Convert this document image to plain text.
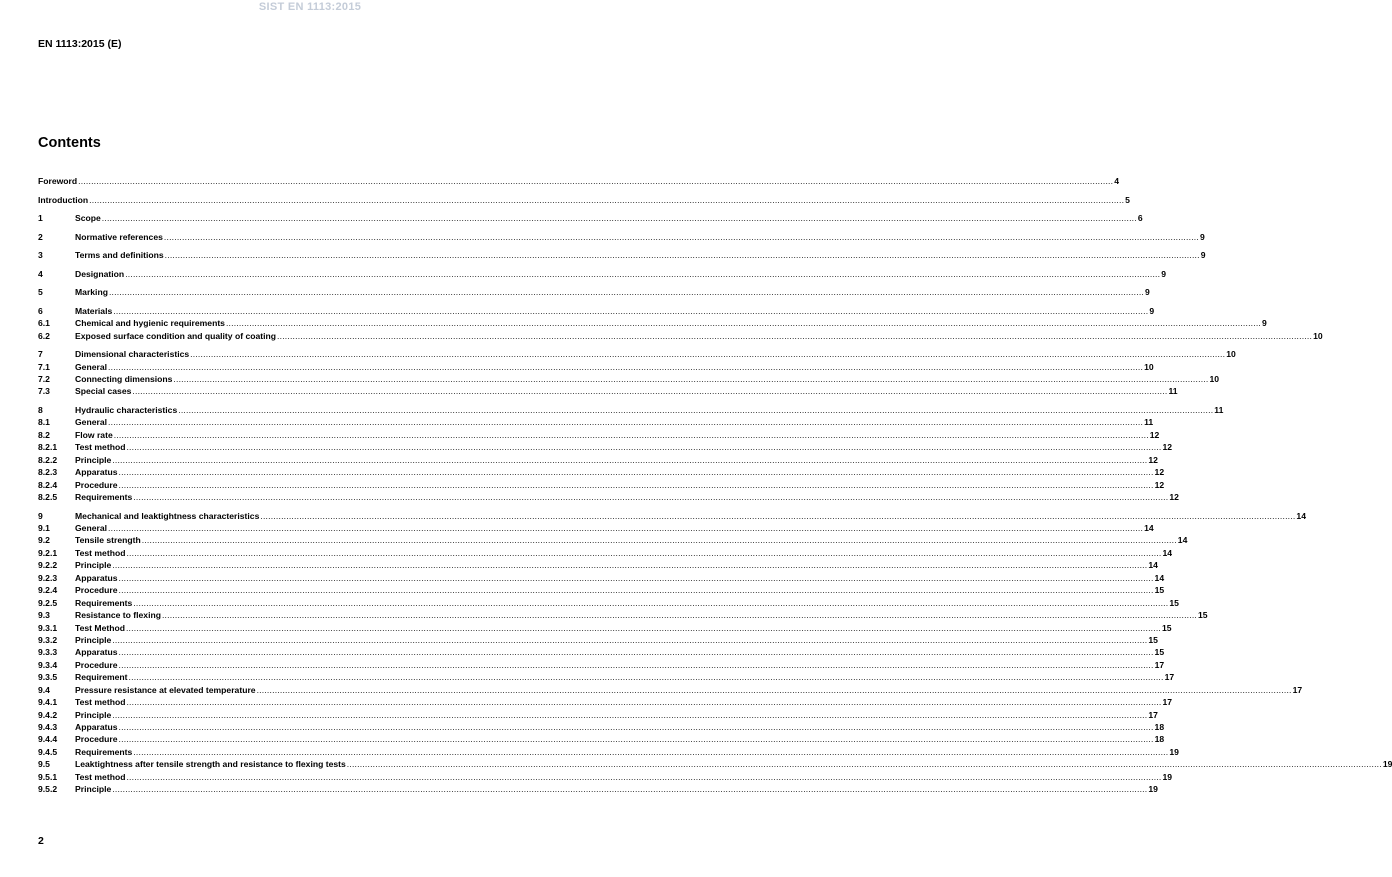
SIST EN 1113:2015
EN 1113:2015 (E)
Contents
Foreword ................................................................................................................................................................................................................................................................................................................................................................................................................ 4
Introduction ................................................................................................................................................................................................................................................................................................................................................................................................................ 5
1	Scope ................................................................................................................................................................................................................................................................................................................................................................................................................ 6
2	Normative references ................................................................................................................................................................................................................................................................................................................................................................................................................ 9
3	Terms and definitions ................................................................................................................................................................................................................................................................................................................................................................................................................ 9
4	Designation ................................................................................................................................................................................................................................................................................................................................................................................................................ 9
5	Marking ................................................................................................................................................................................................................................................................................................................................................................................................................ 9
6	Materials ................................................................................................................................................................................................................................................................................................................................................................................................................ 9
6.1	Chemical and hygienic requirements ................................................................................................................................................................................................................................................................................................................................................................................................................ 9
6.2	Exposed surface condition and quality of coating ................................................................................................................................................................................................................................................................................................................................................................................................................ 10
7	Dimensional characteristics ................................................................................................................................................................................................................................................................................................................................................................................................................ 10
7.1	General ................................................................................................................................................................................................................................................................................................................................................................................................................ 10
7.2	Connecting dimensions ................................................................................................................................................................................................................................................................................................................................................................................................................ 10
7.3	Special cases ................................................................................................................................................................................................................................................................................................................................................................................................................ 11
8	Hydraulic characteristics ................................................................................................................................................................................................................................................................................................................................................................................................................ 11
8.1	General ................................................................................................................................................................................................................................................................................................................................................................................................................ 11
8.2	Flow rate ................................................................................................................................................................................................................................................................................................................................................................................................................ 12
8.2.1 Test method ................................................................................................................................................................................................................................................................................................................................................................................................................ 12
8.2.2 Principle ................................................................................................................................................................................................................................................................................................................................................................................................................ 12
8.2.3 Apparatus ................................................................................................................................................................................................................................................................................................................................................................................................................ 12
8.2.4 Procedure ................................................................................................................................................................................................................................................................................................................................................................................................................ 12
8.2.5 Requirements ................................................................................................................................................................................................................................................................................................................................................................................................................ 12
9	Mechanical and leaktightness characteristics ................................................................................................................................................................................................................................................................................................................................................................................................................ 14
9.1	General ................................................................................................................................................................................................................................................................................................................................................................................................................ 14
9.2	Tensile strength ................................................................................................................................................................................................................................................................................................................................................................................................................ 14
9.2.1 Test method ................................................................................................................................................................................................................................................................................................................................................................................................................ 14
9.2.2 Principle ................................................................................................................................................................................................................................................................................................................................................................................................................ 14
9.2.3 Apparatus ................................................................................................................................................................................................................................................................................................................................................................................................................ 14
9.2.4 Procedure ................................................................................................................................................................................................................................................................................................................................................................................................................ 15
9.2.5 Requirements ................................................................................................................................................................................................................................................................................................................................................................................................................ 15
9.3	Resistance to flexing ................................................................................................................................................................................................................................................................................................................................................................................................................ 15
9.3.1 Test Method ................................................................................................................................................................................................................................................................................................................................................................................................................ 15
9.3.2 Principle ................................................................................................................................................................................................................................................................................................................................................................................................................ 15
9.3.3 Apparatus ................................................................................................................................................................................................................................................................................................................................................................................................................ 15
9.3.4 Procedure ................................................................................................................................................................................................................................................................................................................................................................................................................ 17
9.3.5 Requirement ................................................................................................................................................................................................................................................................................................................................................................................................................ 17
9.4	Pressure resistance at elevated temperature ................................................................................................................................................................................................................................................................................................................................................................................................................ 17
9.4.1 Test method ................................................................................................................................................................................................................................................................................................................................................................................................................ 17
9.4.2 Principle ................................................................................................................................................................................................................................................................................................................................................................................................................ 17
9.4.3 Apparatus ................................................................................................................................................................................................................................................................................................................................................................................................................ 18
9.4.4 Procedure ................................................................................................................................................................................................................................................................................................................................................................................................................ 18
9.4.5 Requirements ................................................................................................................................................................................................................................................................................................................................................................................................................ 19
9.5	Leaktightness after tensile strength and resistance to flexing tests ................................................................................................................................................................................................................................................................................................................................................................................................................ 19
9.5.1 Test method ................................................................................................................................................................................................................................................................................................................................................................................................................ 19
9.5.2 Principle ................................................................................................................................................................................................................................................................................................................................................................................................................ 19
2
